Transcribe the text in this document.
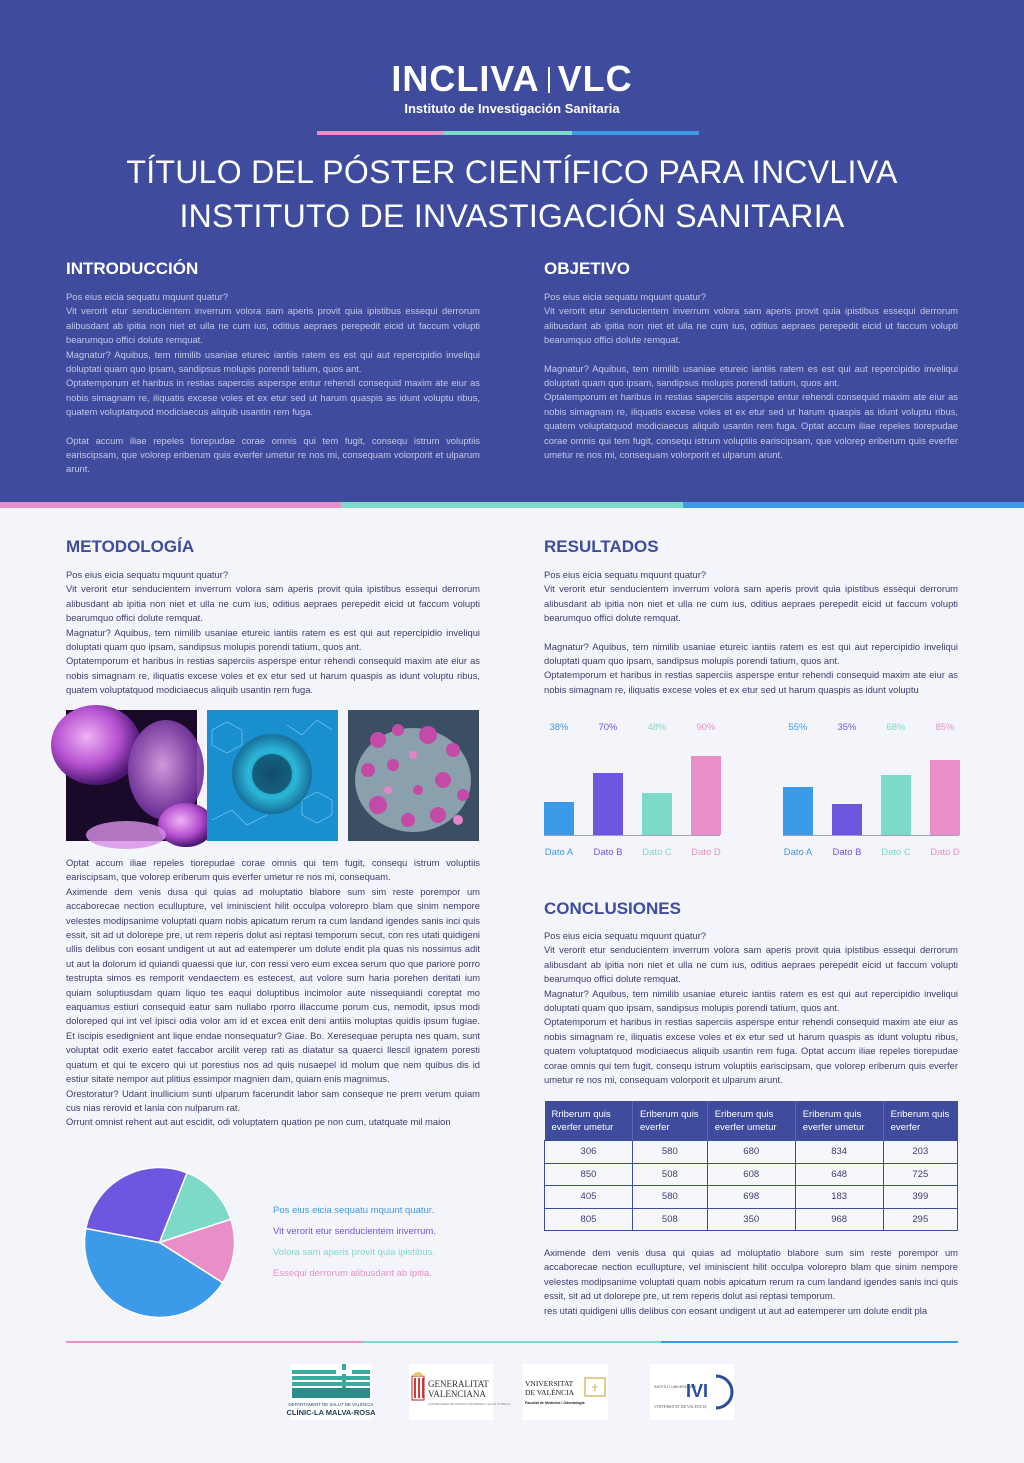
INCLIVA VLC
Instituto de Investigación Sanitaria
TÍTULO DEL PÓSTER CIENTÍFICO PARA INCVLIVA
INSTITUTO DE INVASTIGACIÓN SANITARIA
INTRODUCCIÓN

Pos eius eicia sequatu mquunt quatur?

Vit verorit etur senducientem inverrum volora sam aperis provit quia ipistibus essequi derrorum alibusdant ab ipitia non niet et ulla ne cum ius, oditius aepraes perepedit eicid ut faccum volupti bearumquo offici dolute remquat.

Magnatur? Aquibus, tem nimilib usaniae etureic iantiis ratem es est qui aut repercipidio inveliqui doluptati quam quo ipsam, sandipsus molupis porendi tatium, quos ant.

Optatemporum et haribus in restias saperciis asperspe entur rehendi consequid maxim ate eiur as nobis simagnam re, iliquatis excese voles et ex etur sed ut harum quaspis as idunt voluptu ribus, quatem voluptatquod modiciaecus aliquib usantin rem fuga.

Optat accum iliae repeles tiorepudae corae omnis qui tem fugit, consequ istrum voluptiis eariscipsam, que volorep eriberum quis everfer umetur re nos mi, consequam volorporit et ulparum arunt.

OBJETIVO

Pos eius eicia sequatu mquunt quatur?

Vit verorit etur senducientem inverrum volora sam aperis provit quia ipistibus essequi derrorum alibusdant ab ipitia non niet et ulla ne cum ius, oditius aepraes perepedit eicid ut faccum volupti bearumquo offici dolute remquat.

Magnatur? Aquibus, tem nimilib usaniae etureic iantiis ratem es est qui aut repercipidio inveliqui doluptati quam quo ipsam, sandipsus molupis porendi tatium, quos ant.

Optatemporum et haribus in restias saperciis asperspe entur rehendi consequid maxim ate eiur as nobis simagnam re, iliquatis excese voles et ex etur sed ut harum quaspis as idunt voluptu ribus, quatem voluptatquod modiciaecus aliquib usantin rem fuga. Optat accum iliae repeles tiorepudae corae omnis qui tem fugit, consequ istrum voluptiis eariscipsam, que volorep eriberum quis everfer umetur re nos mi, consequam volorporit et ulparum arunt.

METODOLOGÍA

Pos eius eicia sequatu mquunt quatur?

Vit verorit etur senducientem inverrum volora sam aperis provit quia ipistibus essequi derrorum alibusdant ab ipitia non niet et ulla ne cum ius, oditius aepraes perepedit eicid ut faccum volupti bearumquo offici dolute remquat.

Magnatur? Aquibus, tem nimilib usaniae etureic iantiis ratem es est qui aut repercipidio inveliqui doluptati quam quo ipsam, sandipsus molupis porendi tatium, quos ant.

Optatemporum et haribus in restias saperciis asperspe entur rehendi consequid maxim ate eiur as nobis simagnam re, iliquatis excese voles et ex etur sed ut harum quaspis as idunt voluptu ribus, quatem voluptatquod modiciaecus aliquib usantin rem fuga.

Optat accum iliae repeles tiorepudae corae omnis qui tem fugit, consequ istrum voluptiis eariscipsam, que volorep eriberum quis everfer umetur re nos mi, consequam.

Aximende dem venis dusa qui quias ad moluptatio blabore sum sim reste porempor um accaborecae nection ecullupture, vel iminiscient hilit occulpa volorepro blam que sinim nempore velestes modipsanime voluptati quam nobis apicatum rerum ra cum landand igendes sanis inci quis essit, sit ad ut dolorepe pre, ut rem reperis dolut asi reptasi temporum secut, con res utati quidigeni ullis delibus con eosant undigent ut aut ad eatemperer um dolute endit pla quas nis nossimus adit ut aut la dolorum id quiandi quaessi que iur, con ressi vero eum excea serum quo que pariore porro testrupta simos es remporit vendaectem es estecest, aut volore sum haria porehen deritati ium quiam soluptiusdam quam liquo tes eaqui doluptibus incimolor aute nissequiandi coreptat mo eaquamus estiuri consequid eatur sam nullabo rporro illaccume porum cus, nemodit, ipsus modi doloreped qui int vel ipisci odia volor am id et excea enit deni antiis moluptas quidis ipsum fugiae. Et iscipis esedignient ant lique endae nonsequatur? Giae. Bo. Xeresequae perupta nes quam, sunt voluptat odit exerio eatet faccabor arcilit verep rati as diatatur sa quaerci llescil ignatem poresti quatum et qui te excero qui ut porestius nos ad quis nusaepel id molum que nem quibus dis id estiur sitate nempor aut plitius essimpor magnien dam, quiam enis magnimus.

Orestoratur? Udant inullicium sunti ulparum facerundit labor sam conseque ne prem verum quiam cus nias rerovid et lania con nulparum rat.

Orrunt omnist rehent aut aut escidit, odi voluptatem quation pe non cum, utatquate mil maion

Pos eius eicia sequatu mquunt quatur.
Vit verorit etur senducientem inverrum.
Volora sam aperis provit quia ipistibus.
Essequi derrorum alibusdant ab ipitia.
RESULTADOS

Pos eius eicia sequatu mquunt quatur?

Vit verorit etur senducientem inverrum volora sam aperis provit quia ipistibus essequi derrorum alibusdant ab ipitia non niet et ulla ne cum ius, oditius aepraes perepedit eicid ut faccum volupti bearumquo offici dolute remquat.

Magnatur? Aquibus, tem nimilib usaniae etureic iantiis ratem es est qui aut repercipidio inveliqui doluptati quam quo ipsam, sandipsus molupis porendi tatium, quos ant.

Optatemporum et haribus in restias saperciis asperspe entur rehendi consequid maxim ate eiur as nobis simagnam re, iliquatis excese voles et ex etur sed ut harum quaspis as idunt voluptu

38%
Dato A
70%
Dato B
48%
Dato C
90%
Dato D
55%
Dato A
35%
Dato B
68%
Dato C
85%
Dato D
CONCLUSIONES

Pos eius eicia sequatu mquunt quatur?

Vit verorit etur senducientem inverrum volora sam aperis provit quia ipistibus essequi derrorum alibusdant ab ipitia non niet et ulla ne cum ius, oditius aepraes perepedit eicid ut faccum volupti bearumquo offici dolute remquat.

Magnatur? Aquibus, tem nimilib usaniae etureic iantiis ratem es est qui aut repercipidio inveliqui doluptati quam quo ipsam, sandipsus molupis porendi tatium, quos ant.

Optatemporum et haribus in restias saperciis asperspe entur rehendi consequid maxim ate eiur as nobis simagnam re, iliquatis excese voles et ex etur sed ut harum quaspis as idunt voluptu ribus, quatem voluptatquod modiciaecus aliquib usantin rem fuga. Optat accum iliae repeles tiorepudae corae omnis qui tem fugit, consequ istrum voluptiis eariscipsam, que volorep eriberum quis everfer umetur re nos mi, consequam volorporit et ulparum arunt.

Rriberum quis everfer umetur	Eriberum quis everfer	Eriberum quis everfer umetur	Eriberum quis everfer umetur	Eriberum quis everfer
306	580	680	834	203
850	508	608	648	725
405	580	698	183	399
805	508	350	968	295

Aximende dem venis dusa qui quias ad moluptatio blabore sum sim reste porempor um accaborecae nection ecullupture, vel iminiscient hilit occulpa volorepro blam que sinim nempore velestes modipsanime voluptati quam nobis apicatum rerum ra cum landand igendes sanis inci quis essit, sit ad ut dolorepe pre, ut rem reperis dolut asi reptasi temporum.

res utati quidigeni ullis delibus con eosant undigent ut aut ad eatemperer um dolute endit pla

DEPARTAMENT DE SALUT DE VALÈNCIA
CLÍNIC-LA MALVA-ROSA
GENERALITAT
VALENCIANA
CONSELLERIA DE SANITAT UNIVERSAL I SALUT PÚBLICA
VNIVERSITAT
DE VALÈNCIA ☥
Facultat de Medicina i Odontologia
INSTITUT UNIVERSITARI
IVI
VNIVERSITAT DE VALÈNCIA
